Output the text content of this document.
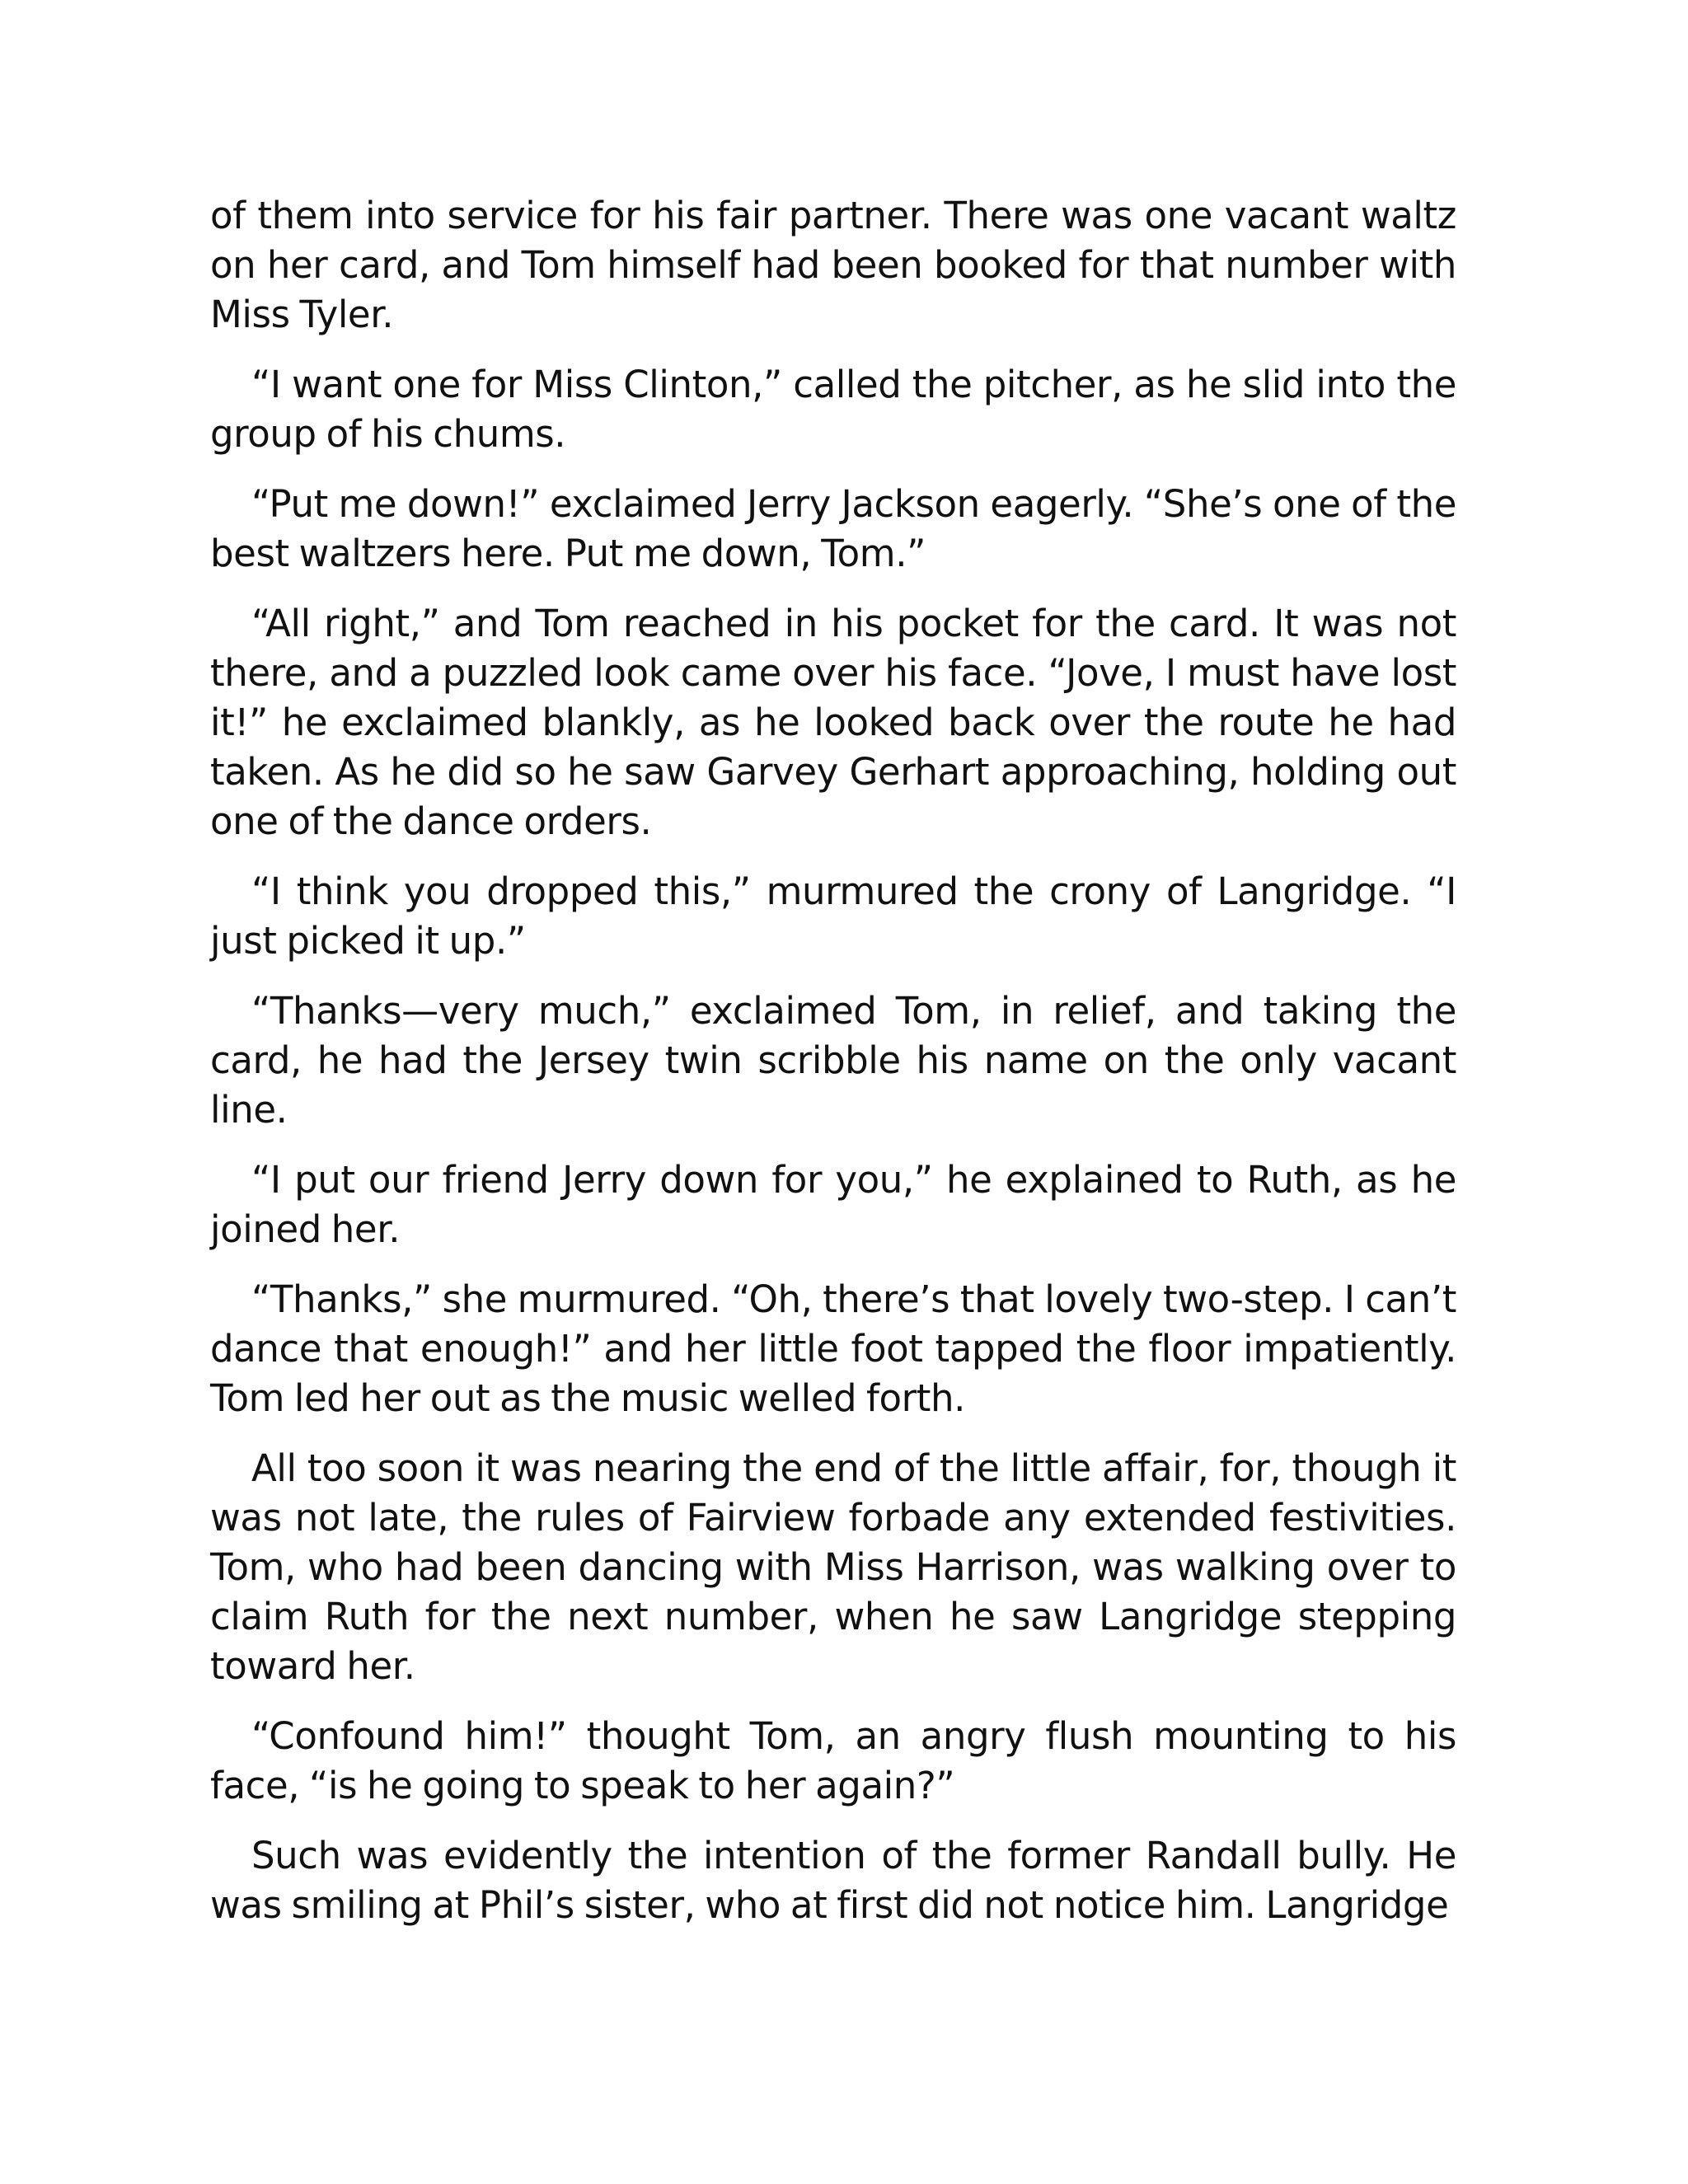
of them into service for his fair partner. There was one vacant waltz on her card, and Tom himself had been booked for that number with Miss Tyler.

“I want one for Miss Clinton,” called the pitcher, as he slid into the group of his chums.

“Put me down!” exclaimed Jerry Jackson eagerly. “She’s one of the best waltzers here. Put me down, Tom.”

“All right,” and Tom reached in his pocket for the card. It was not there, and a puzzled look came over his face. “Jove, I must have lost it!” he exclaimed blankly, as he looked back over the route he had taken. As he did so he saw Garvey Gerhart approaching, holding out one of the dance orders.

“I think you dropped this,” murmured the crony of Langridge. “I just picked it up.”

“Thanks—very much,” exclaimed Tom, in relief, and taking the card, he had the Jersey twin scribble his name on the only vacant line.

“I put our friend Jerry down for you,” he explained to Ruth, as he joined her.

“Thanks,” she murmured. “Oh, there’s that lovely two-step. I can’t dance that enough!” and her little foot tapped the floor impatiently. Tom led her out as the music welled forth.

All too soon it was nearing the end of the little affair, for, though it was not late, the rules of Fairview forbade any extended festivities. Tom, who had been dancing with Miss Harrison, was walking over to claim Ruth for the next number, when he saw Langridge stepping toward her.

“Confound him!” thought Tom, an angry flush mounting to his face, “is he going to speak to her again?”

Such was evidently the intention of the former Randall bully. He was smiling at Phil’s sister, who at first did not notice him. Langridge
